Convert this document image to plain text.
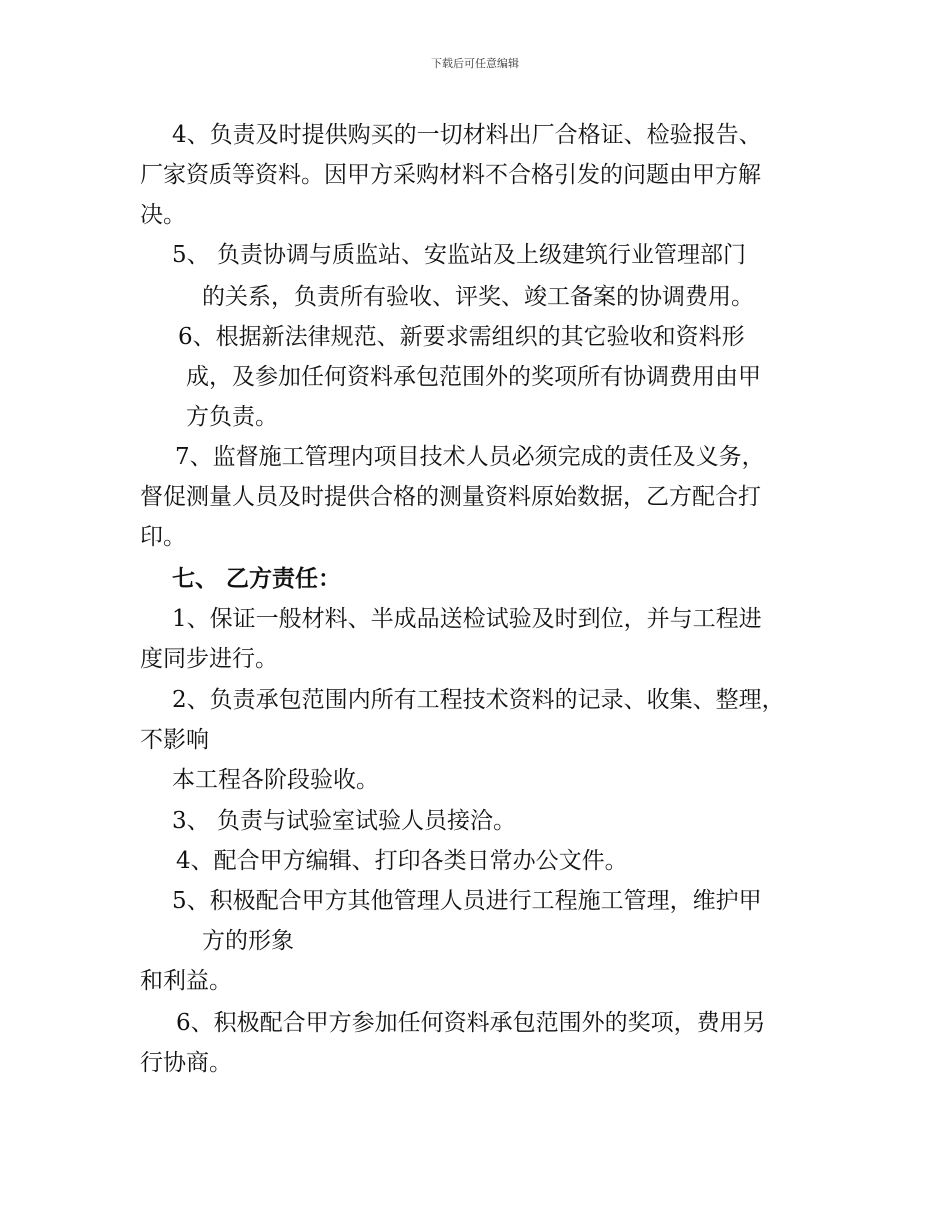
下载后可任意编辑

4、负责及时提供购买的一切材料出厂合格证、检验报告、

厂家资质等资料。因甲方采购材料不合格引发的问题由甲方解

决。

5、 负责协调与质监站、安监站及上级建筑行业管理部门

的关系，负责所有验收、评奖、竣工备案的协调费用。

6、根据新法律规范、新要求需组织的其它验收和资料形

成，及参加任何资料承包范围外的奖项所有协调费用由甲

方负责。

7、监督施工管理内项目技术人员必须完成的责任及义务，

督促测量人员及时提供合格的测量资料原始数据，乙方配合打

印。

七、 乙方责任：

1、保证一般材料、半成品送检试验及时到位，并与工程进

度同步进行。

2、负责承包范围内所有工程技术资料的记录、收集、整理，

不影响

本工程各阶段验收。

3、 负责与试验室试验人员接洽。

4、配合甲方编辑、打印各类日常办公文件。

5、积极配合甲方其他管理人员进行工程施工管理，维护甲

方的形象

和利益。

6、积极配合甲方参加任何资料承包范围外的奖项，费用另

行协商。
